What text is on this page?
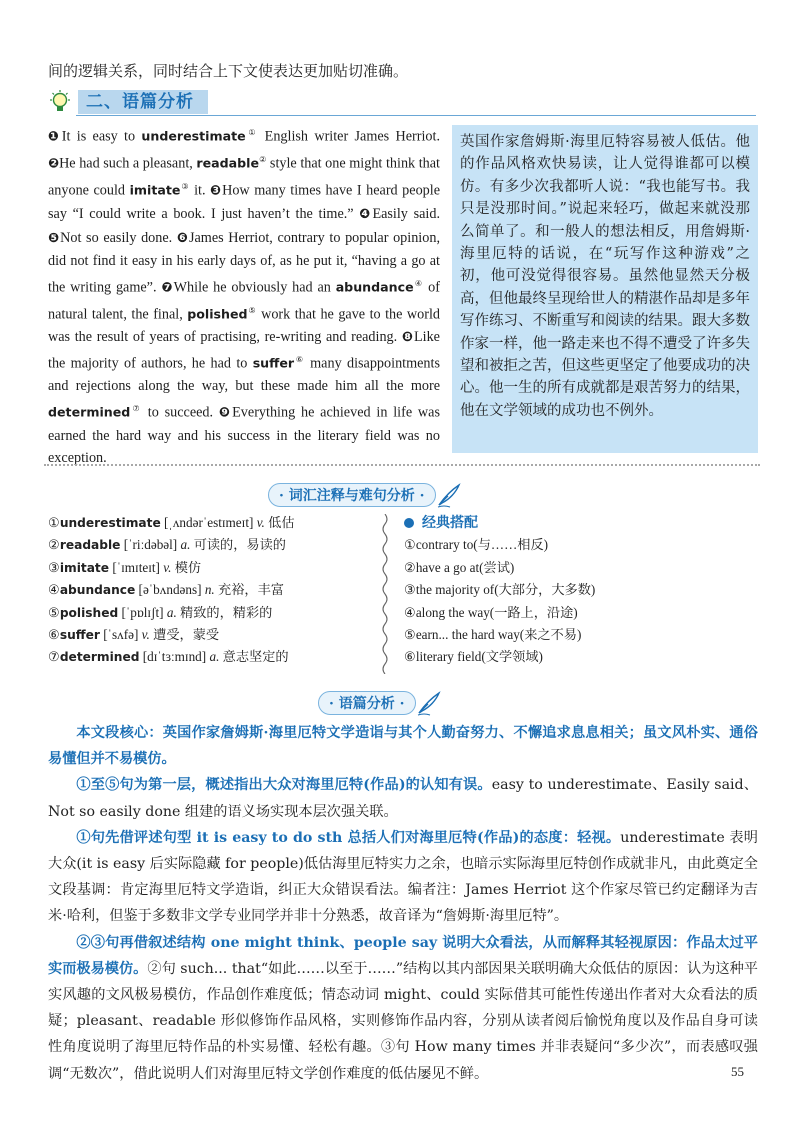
间的逻辑关系，同时结合上下文使表达更加贴切准确。
二、语篇分析
❶It is easy to underestimate① English writer James Herriot. ❷He had such a pleasant, readable② style that one might think that anyone could imitate③ it. ❸How many times have I heard people say “I could write a book. I just haven’t the time.” ❹Easily said. ❺Not so easily done. ❻James Herriot, contrary to popular opinion, did not find it easy in his early days of, as he put it, “having a go at the writing game”. ❼While he obviously had an abundance④ of natural talent, the final, polished⑤ work that he gave to the world was the result of years of practising, re-writing and reading. ❽Like the majority of authors, he had to suffer⑥ many disappointments and rejections along the way, but these made him all the more determined⑦ to succeed. ❾Everything he achieved in life was earned the hard way and his success in the literary field was no exception.
英国作家詹姆斯·海里厄特容易被人低估。他的作品风格欢快易读，让人觉得谁都可以模仿。有多少次我都听人说：“我也能写书。我只是没那时间。”说起来轻巧，做起来就没那么简单了。和一般人的想法相反，用詹姆斯·海里厄特的话说，在“玩写作这种游戏”之初，他可没觉得很容易。虽然他显然天分极高，但他最终呈现给世人的精湛作品却是多年写作练习、不断重写和阅读的结果。跟大多数作家一样，他一路走来也不得不遭受了许多失望和被拒之苦，但这些更坚定了他要成功的决心。他一生的所有成就都是艰苦努力的结果，他在文学领域的成功也不例外。
· 词汇注释与难句分析 ·
①underestimate [ˌʌndərˈestɪmeɪt] v. 低估
②readable [ˈriːdəbəl] a. 可读的，易读的
③imitate [ˈɪmɪteɪt] v. 模仿
④abundance [əˈbʌndəns] n. 充裕，丰富
⑤polished [ˈpɒlɪʃt] a. 精致的，精彩的
⑥suffer [ˈsʌfə] v. 遭受，蒙受
⑦determined [dɪˈtɜːmɪnd] a. 意志坚定的
经典搭配
①contrary to(与……相反)
②have a go at(尝试)
③the majority of(大部分，大多数)
④along the way(一路上，沿途)
⑤earn... the hard way(来之不易)
⑥literary field(文学领域)
· 语篇分析 ·

本文段核心：英国作家詹姆斯·海里厄特文学造诣与其个人勤奋努力、不懈追求息息相关；虽文风朴实、通俗易懂但并不易模仿。

①至⑤句为第一层，概述指出大众对海里厄特(作品)的认知有误。easy to underestimate、Easily said、Not so easily done 组建的语义场实现本层次强关联。

①句先借评述句型 it is easy to do sth 总括人们对海里厄特(作品)的态度：轻视。underestimate 表明大众(it is easy 后实际隐藏 for people)低估海里厄特实力之余，也暗示实际海里厄特创作成就非凡，由此奠定全文段基调：肯定海里厄特文学造诣，纠正大众错误看法。编者注：James Herriot 这个作家尽管已约定翻译为吉米·哈利，但鉴于多数非文学专业同学并非十分熟悉，故音译为“詹姆斯·海里厄特”。

②③句再借叙述结构 one might think、people say 说明大众看法，从而解释其轻视原因：作品太过平实而极易模仿。②句 such... that“如此……以至于……”结构以其内部因果关联明确大众低估的原因：认为这种平实风趣的文风极易模仿，作品创作难度低；情态动词 might、could 实际借其可能性传递出作者对大众看法的质疑；pleasant、readable 形似修饰作品风格，实则修饰作品内容，分别从读者阅后愉悦角度以及作品自身可读性角度说明了海里厄特作品的朴实易懂、轻松有趣。③句 How many times 并非表疑问“多少次”，而表感叹强调“无数次”，借此说明人们对海里厄特文学创作难度的低估屡见不鲜。	55
